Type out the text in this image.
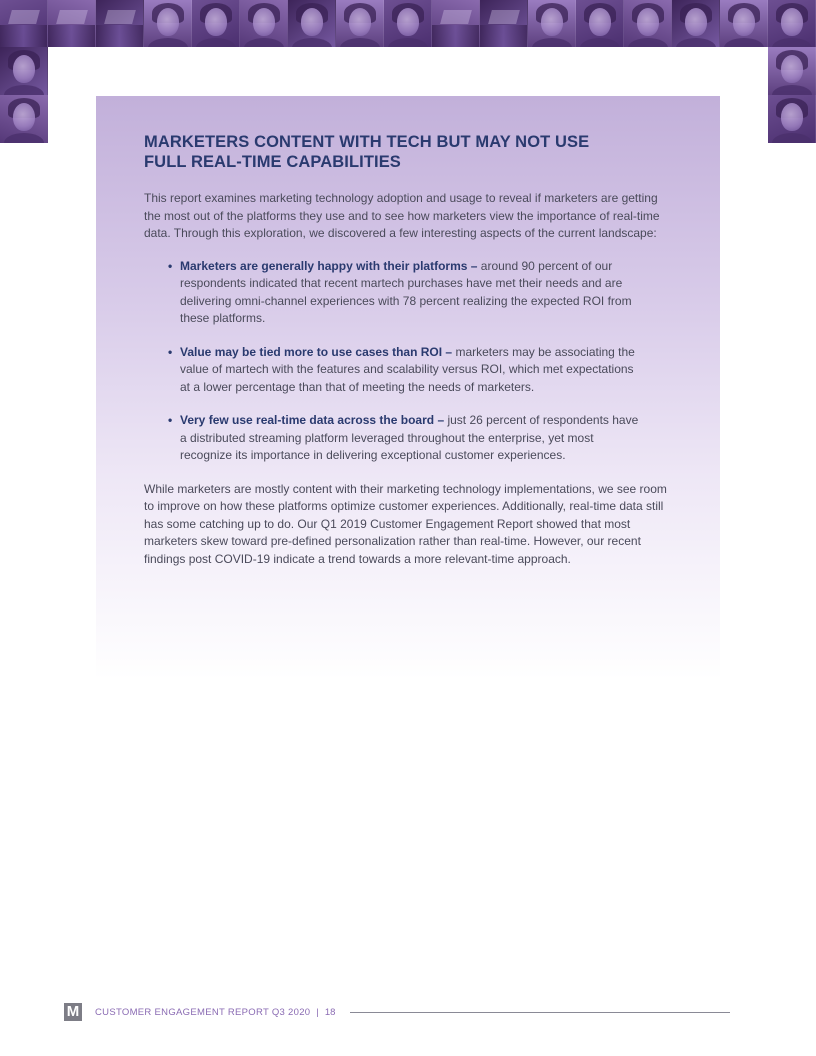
MARKETERS CONTENT WITH TECH BUT MAY NOT USE
FULL REAL-TIME CAPABILITIES

This report examines marketing technology adoption and usage to reveal if marketers are getting the most out of the platforms they use and to see how marketers view the importance of real-time data. Through this exploration, we discovered a few interesting aspects of the current landscape:

• Marketers are generally happy with their platforms – around 90 percent of our respondents indicated that recent martech purchases have met their needs and are delivering omni-channel experiences with 78 percent realizing the expected ROI from these platforms.
• Value may be tied more to use cases than ROI – marketers may be associating the value of martech with the features and scalability versus ROI, which met expectations at a lower percentage than that of meeting the needs of marketers.
• Very few use real-time data across the board – just 26 percent of respondents have a distributed streaming platform leveraged throughout the enterprise, yet most recognize its importance in delivering exceptional customer experiences.

While marketers are mostly content with their marketing technology implementations, we see room to improve on how these platforms optimize customer experiences. Additionally, real-time data still has some catching up to do. Our Q1 2019 Customer Engagement Report showed that most marketers skew toward pre-defined personalization rather than real-time. However, our recent findings post COVID-19 indicate a trend towards a more relevant-time approach.

M CUSTOMER ENGAGEMENT REPORT Q3 2020 | 18
